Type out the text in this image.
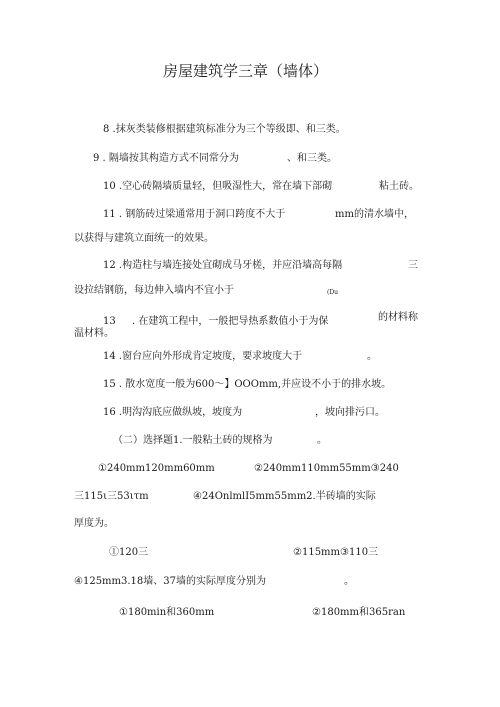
房屋建筑学三章（墙体）
8 .抹灰类装修根据建筑标准分为三个等级即、和三类。
9 . 隔墙按其构造方式不同常分为	、和三类。
10 .空心砖隔墙质量轻，但吸湿性大，常在墙下部砌	粘土砖。
11 . 钢筋砖过梁通常用于洞口跨度不大于	mm的清水墙中，
以获得与建筑立面统一的效果。
12 .构造柱与墙连接处宜砌成马牙槎，并应沿墙高每隔	三
设拉结钢筋，每边伸入墙内不宜小于	(Du
13 . 在建筑工程中，一般把导热系数值小于为保	的材料称
温材料。
14 .窗台应向外形成肯定坡度，要求坡度大于	。
15 . 散水宽度一般为600～】OOOmm,并应设不小于的排水坡。
16 .明沟沟底应做纵坡，坡度为	，坡向排污口。
（二）选择题1.一般粘土砖的规格为	。
①240mm120mm60mm	②240mm110mm55mm③240
三115ι三53ιτm	④24OnlmlI5mm55mm2.半砖墙的实际
厚度为。
①120三	②115mm③110三
④125mm3.18墙、37墙的实际厚度分别为	。
①180min和360mm	②180mm和365ran
